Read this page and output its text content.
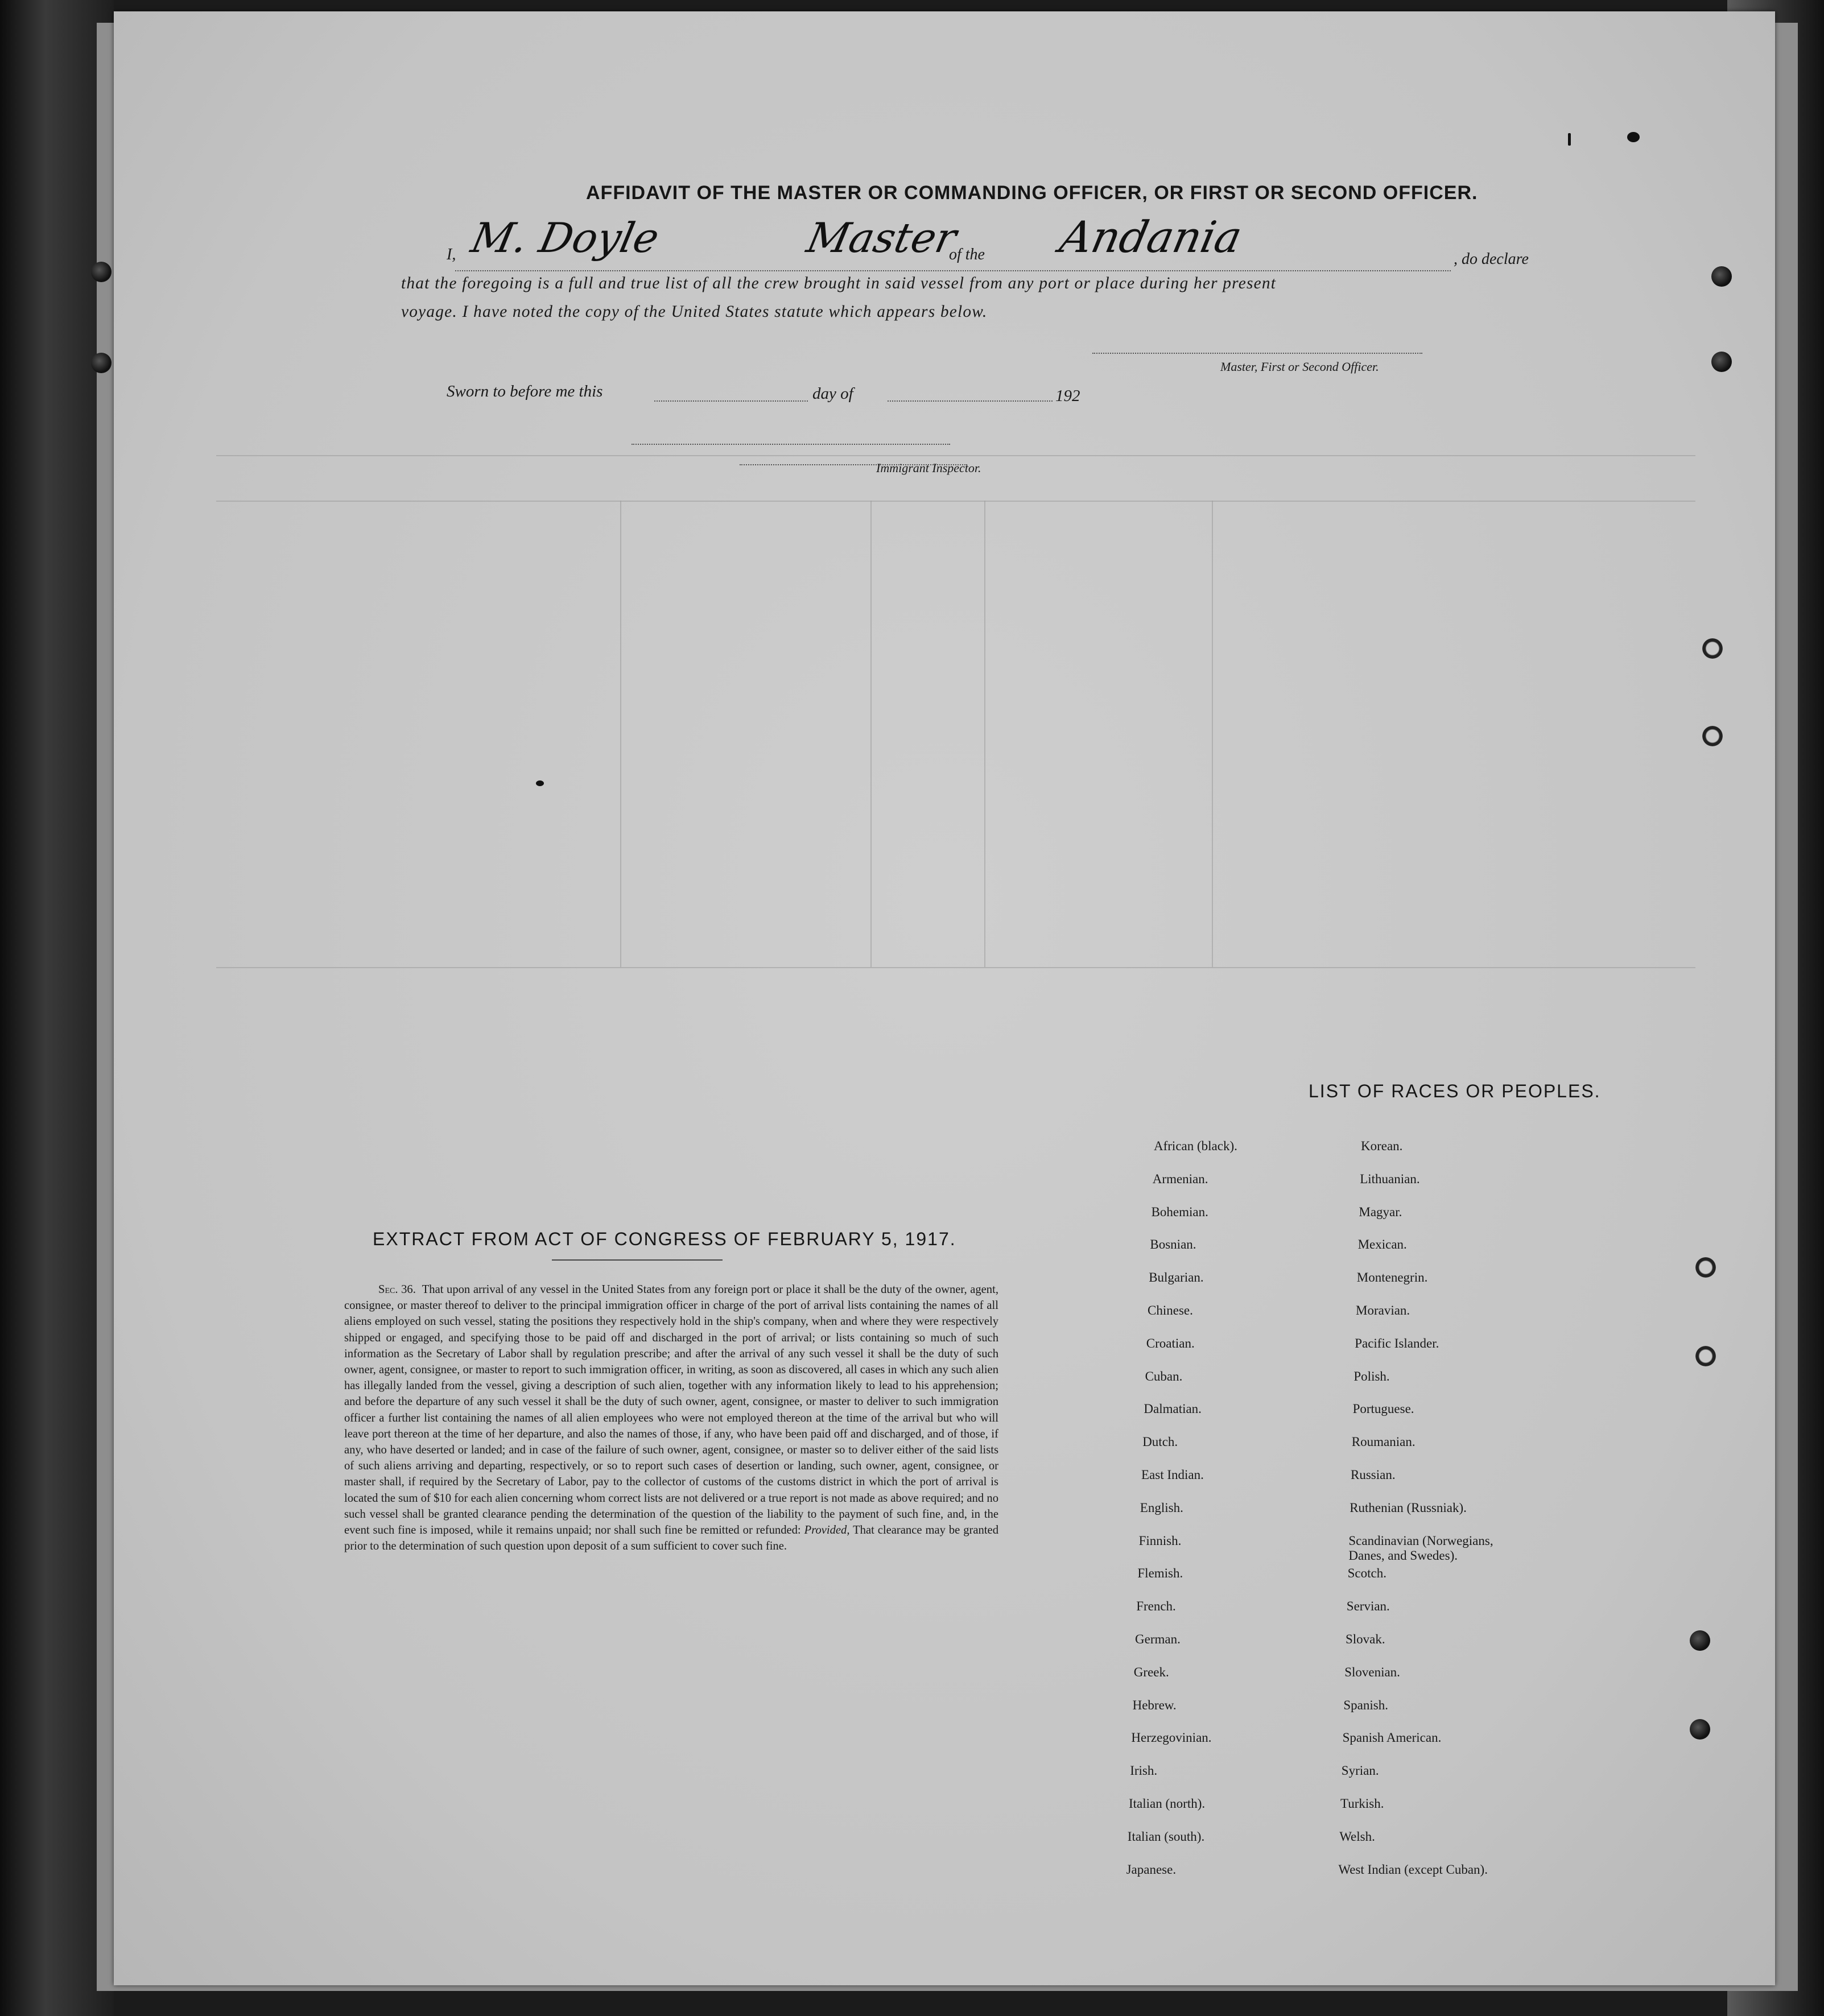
AFFIDAVIT OF THE MASTER OR COMMANDING OFFICER, OR FIRST OR SECOND OFFICER.
I, M. Doyle	Master
of the Andania	, do declare
that the foregoing is a full and true list of all the crew brought in said vessel from any port or place during her present
voyage. I have noted the copy of the United States statute which appears below.
Master, First or Second Officer.
Sworn to before me this	day of	192
Immigrant Inspector.
EXTRACT FROM ACT OF CONGRESS OF FEBRUARY 5, 1917.

Sec. 36. That upon arrival of any vessel in the United States from any foreign port or place it shall be the duty of the owner, agent, consignee, or master thereof to deliver to the principal immigration officer in charge of the port of arrival lists containing the names of all aliens employed on such vessel, stating the positions they respectively hold in the ship's company, when and where they were respectively shipped or engaged, and specifying those to be paid off and discharged in the port of arrival; or lists containing so much of such information as the Secretary of Labor shall by regulation prescribe; and after the arrival of any such vessel it shall be the duty of such owner, agent, consignee, or master to report to such immigration officer, in writing, as soon as discovered, all cases in which any such alien has illegally landed from the vessel, giving a description of such alien, together with any information likely to lead to his apprehension; and before the departure of any such vessel it shall be the duty of such owner, agent, consignee, or master to deliver to such immigration officer a further list containing the names of all alien employees who were not employed thereon at the time of the arrival but who will leave port thereon at the time of her departure, and also the names of those, if any, who have been paid off and discharged, and of those, if any, who have deserted or landed; and in case of the failure of such owner, agent, consignee, or master so to deliver either of the said lists of such aliens arriving and departing, respectively, or so to report such cases of desertion or landing, such owner, agent, consignee, or master shall, if required by the Secretary of Labor, pay to the collector of customs of the customs district in which the port of arrival is located the sum of $10 for each alien concerning whom correct lists are not delivered or a true report is not made as above required; and no such vessel shall be granted clearance pending the determination of the question of the liability to the payment of such fine, and, in the event such fine is imposed, while it remains unpaid; nor shall such fine be remitted or refunded: Provided, That clearance may be granted prior to the determination of such question upon deposit of a sum sufficient to cover such fine.

LIST OF RACES OR PEOPLES.
African (black).
Armenian.
Bohemian.
Bosnian.
Bulgarian.
Chinese.
Croatian.
Cuban.
Dalmatian.
Dutch.
East Indian.
English.
Finnish.
Flemish.
French.
German.
Greek.
Hebrew.
Herzegovinian.
Irish.
Italian (north).
Italian (south).
Japanese.
Korean.
Lithuanian.
Magyar.
Mexican.
Montenegrin.
Moravian.
Pacific Islander.
Polish.
Portuguese.
Roumanian.
Russian.
Ruthenian (Russniak).
Scandinavian (Norwegians, Danes, and Swedes).
Scotch.
Servian.
Slovak.
Slovenian.
Spanish.
Spanish American.
Syrian.
Turkish.
Welsh.
West Indian (except Cuban).
